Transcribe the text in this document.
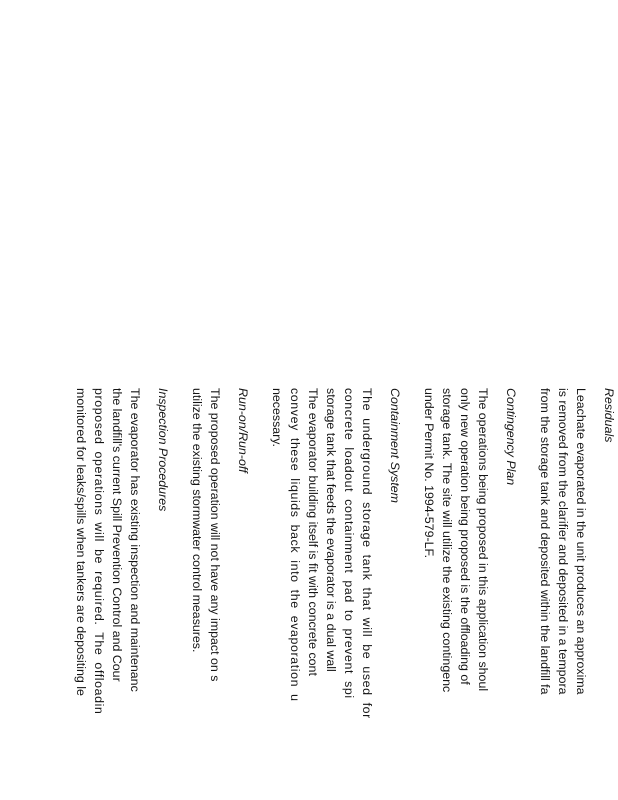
Residuals
Leachate evaporated in the unit produces an approxima
is removed from the clarifier and deposited in a tempora
from the storage tank and deposited within the landfill fa
Contingency Plan
The operations being proposed in this application shoul
only new operation being proposed is the offloading of
storage tank. The site will utilize the existing contingenc
under Permit No. 1994-579-LF.
Containment System
The underground storage tank that will be used for
concrete loadout containment pad to prevent spi
storage tank that feeds the evaporator is a dual wall
The evaporator building itself is fit with concrete cont
convey these liquids back into the evaporation u
necessary.
Run-on/Run-off
The proposed operation will not have any impact on s
utilize the existing stormwater control measures.
Inspection Procedures
The evaporator has existing inspection and maintenanc
the landfill's current Spill Prevention Control and Cour
proposed operations will be required. The offloadin
monitored for leaks/spills when tankers are depositing le
